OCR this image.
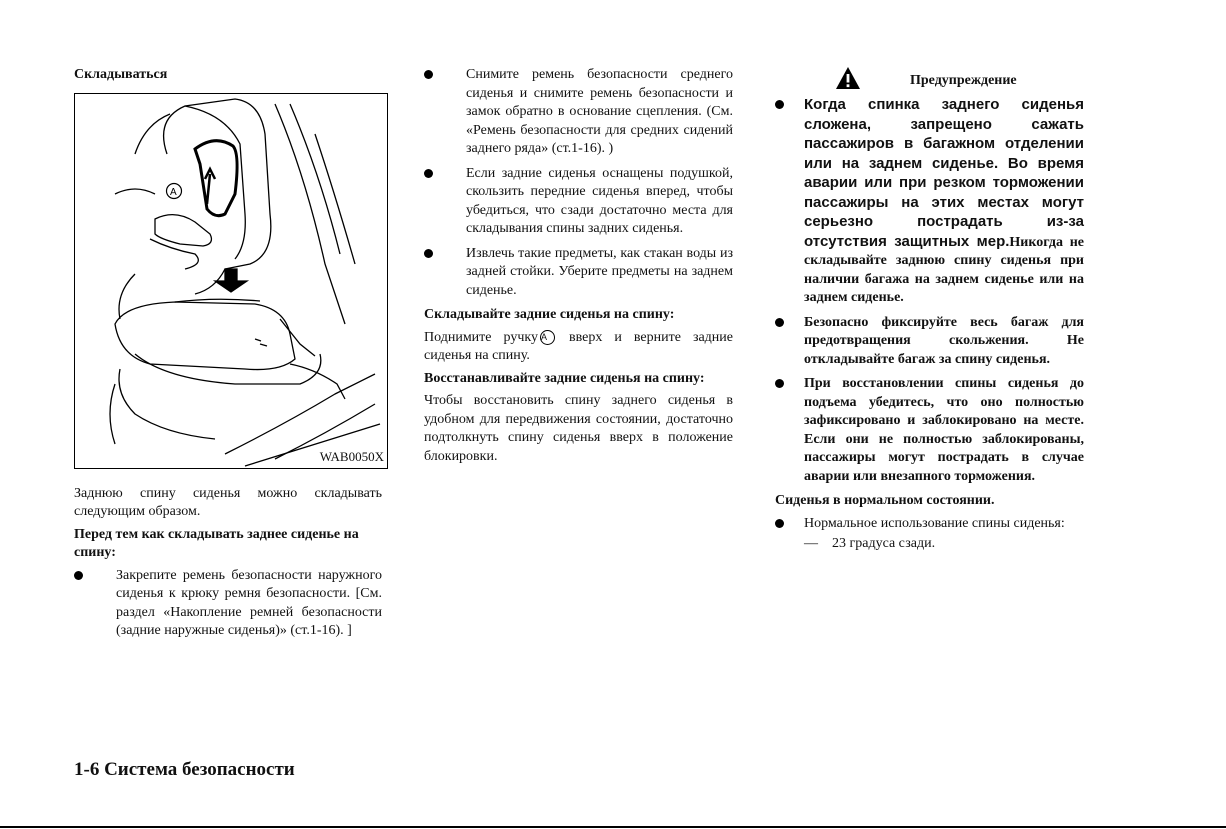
Складываться
A
WAB0050X
Заднюю спину сиденья можно складывать следующим образом.
Перед тем как складывать заднее сиденье на спину:
Закрепите ремень безопасности наружного сиденья к крюку ремня безопасности. [См. раздел «Накопление ремней безопасности (задние наружные сиденья)» (ст.1-16). ]
Снимите ремень безопасности среднего сиденья и снимите ремень безопасности и замок обратно в основание сцепления. (См. «Ремень безопасности для средних сидений заднего ряда» (ст.1-16). )
Если задние сиденья оснащены подушкой, скользить передние сиденья вперед, чтобы убедиться, что сзади достаточно места для складывания спины задних сиденья.
Извлечь такие предметы, как стакан воды из задней стойки. Уберите предметы на заднем сиденье.
Складывайте задние сиденья на спину:
Поднимите ручку A вверх и верните задние сиденья на спину.
Восстанавливайте задние сиденья на спину:
Чтобы восстановить спину заднего сиденья в удобном для передвижения состоянии, достаточно подтолкнуть спину сиденья вверх в положение блокировки.
Предупреждение
Когда спинка заднего сиденья сложена, запрещено сажать пассажиров в багажном отделении или на заднем сиденье. Во время аварии или при резком торможении пассажиры на этих местах могут серьезно пострадать из-за отсутствия защитных мер.Никогда не складывайте заднюю спину сиденья при наличии багажа на заднем сиденье или на заднем сиденье.
Безопасно фиксируйте весь багаж для предотвращения скольжения. Не откладывайте багаж за спину сиденья.
При восстановлении спины сиденья до подъема убедитесь, что оно полностью зафиксировано и заблокировано на месте. Если они не полностью заблокированы, пассажиры могут пострадать в случае аварии или внезапного торможения.
Сиденья в нормальном состоянии.
Нормальное использование спины сиденья:
— 23 градуса сзади.
1-6 Система безопасности
